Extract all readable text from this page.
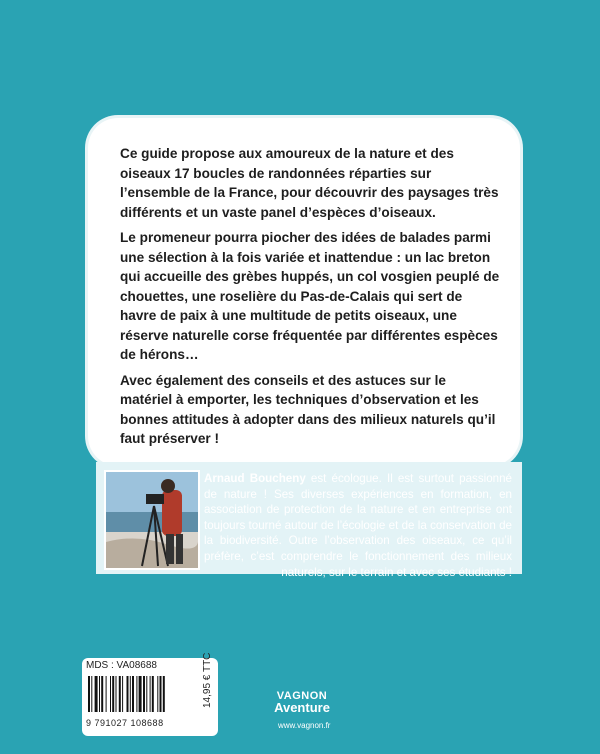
Ce guide propose aux amoureux de la nature et des oiseaux 17 boucles de randonnées réparties sur l’ensemble de la France, pour découvrir des paysages très différents et un vaste panel d’espèces d’oiseaux.

Le promeneur pourra piocher des idées de balades parmi une sélection à la fois variée et inattendue : un lac breton qui accueille des grèbes huppés, un col vosgien peuplé de chouettes, une roselière du Pas-de-Calais qui sert de havre de paix à une multitude de petits oiseaux, une réserve naturelle corse fréquentée par différentes espèces de hérons…

Avec également des conseils et des astuces sur le matériel à emporter, les techniques d’observation et les bonnes attitudes à adopter dans des milieux naturels qu’il faut préserver !

Arnaud Boucheny est écologue. Il est surtout passionné de nature ! Ses diverses expériences en formation, en association de protection de la nature et en entreprise ont toujours tourné autour de l’écologie et de la conservation de la biodiversité. Outre l’observation des oiseaux, ce qu’il préfère, c’est comprendre le fonctionnement des milieux naturels, sur le terrain et avec ses étudiants !
MDS : VA08688
9 791027 108688
14,95 € TTC	VAGNON
Aventure
www.vagnon.fr
